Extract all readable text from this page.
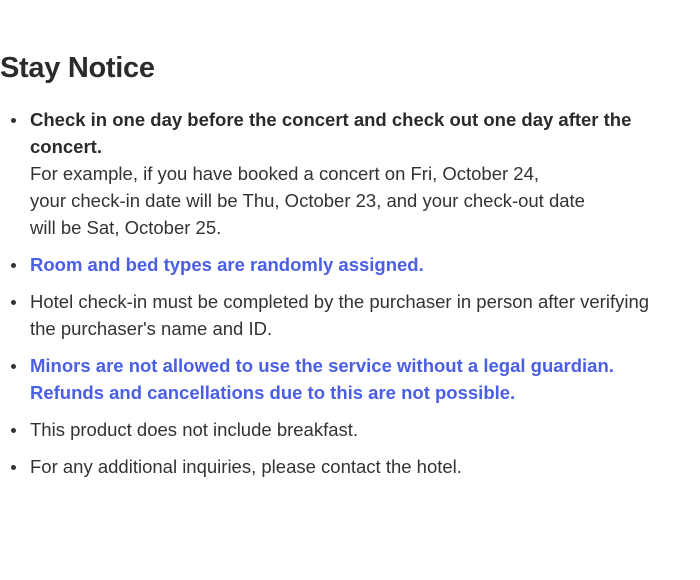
Stay Notice
Check in one day before the concert and check out one day after the
concert.
For example, if you have booked a concert on Fri, October 24,
your check-in date will be Thu, October 23, and your check-out date
will be Sat, October 25.
Room and bed types are randomly assigned.
Hotel check-in must be completed by the purchaser in person after verifying
the purchaser's name and ID.
Minors are not allowed to use the service without a legal guardian.
Refunds and cancellations due to this are not possible.
This product does not include breakfast.
For any additional inquiries, please contact the hotel.
